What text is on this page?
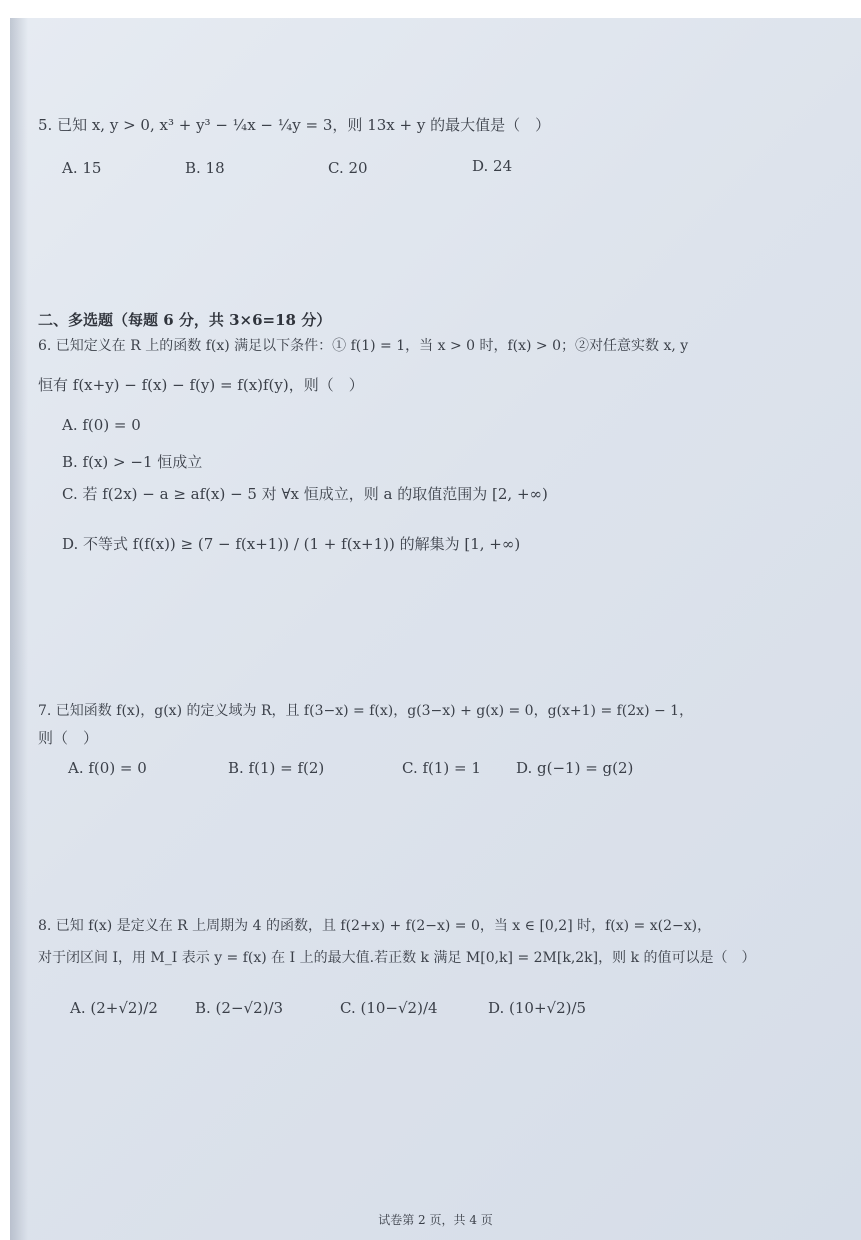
5. 已知 x, y > 0, x³ + y³ − ¼x − ¼y = 3，则 13x + y 的最大值是（　）
A. 15	B. 18	C. 20	D. 24
二、多选题（每题 6 分，共 3×6=18 分）
6. 已知定义在 R 上的函数 f(x) 满足以下条件：① f(1) = 1，当 x > 0 时，f(x) > 0；②对任意实数 x, y
恒有 f(x+y) − f(x) − f(y) = f(x)f(y)，则（　）
A. f(0) = 0
B. f(x) > −1 恒成立
C. 若 f(2x) − a ≥ af(x) − 5 对 ∀x 恒成立，则 a 的取值范围为 [2, +∞)
D. 不等式 f(f(x)) ≥ (7 − f(x+1)) / (1 + f(x+1)) 的解集为 [1, +∞)
7. 已知函数 f(x)，g(x) 的定义域为 R，且 f(3−x) = f(x)，g(3−x) + g(x) = 0，g(x+1) = f(2x) − 1，
则（　）
A. f(0) = 0	B. f(1) = f(2)	C. f(1) = 1 D. g(−1) = g(2)
8. 已知 f(x) 是定义在 R 上周期为 4 的函数，且 f(2+x) + f(2−x) = 0，当 x ∈ [0,2] 时，f(x) = x(2−x)，
对于闭区间 I，用 M_I 表示 y = f(x) 在 I 上的最大值.若正数 k 满足 M[0,k] = 2M[k,2k]，则 k 的值可以是（　）
A. (2+√2)/2 B. (2−√2)/3	C. (10−√2)/4	D. (10+√2)/5
试卷第 2 页，共 4 页
